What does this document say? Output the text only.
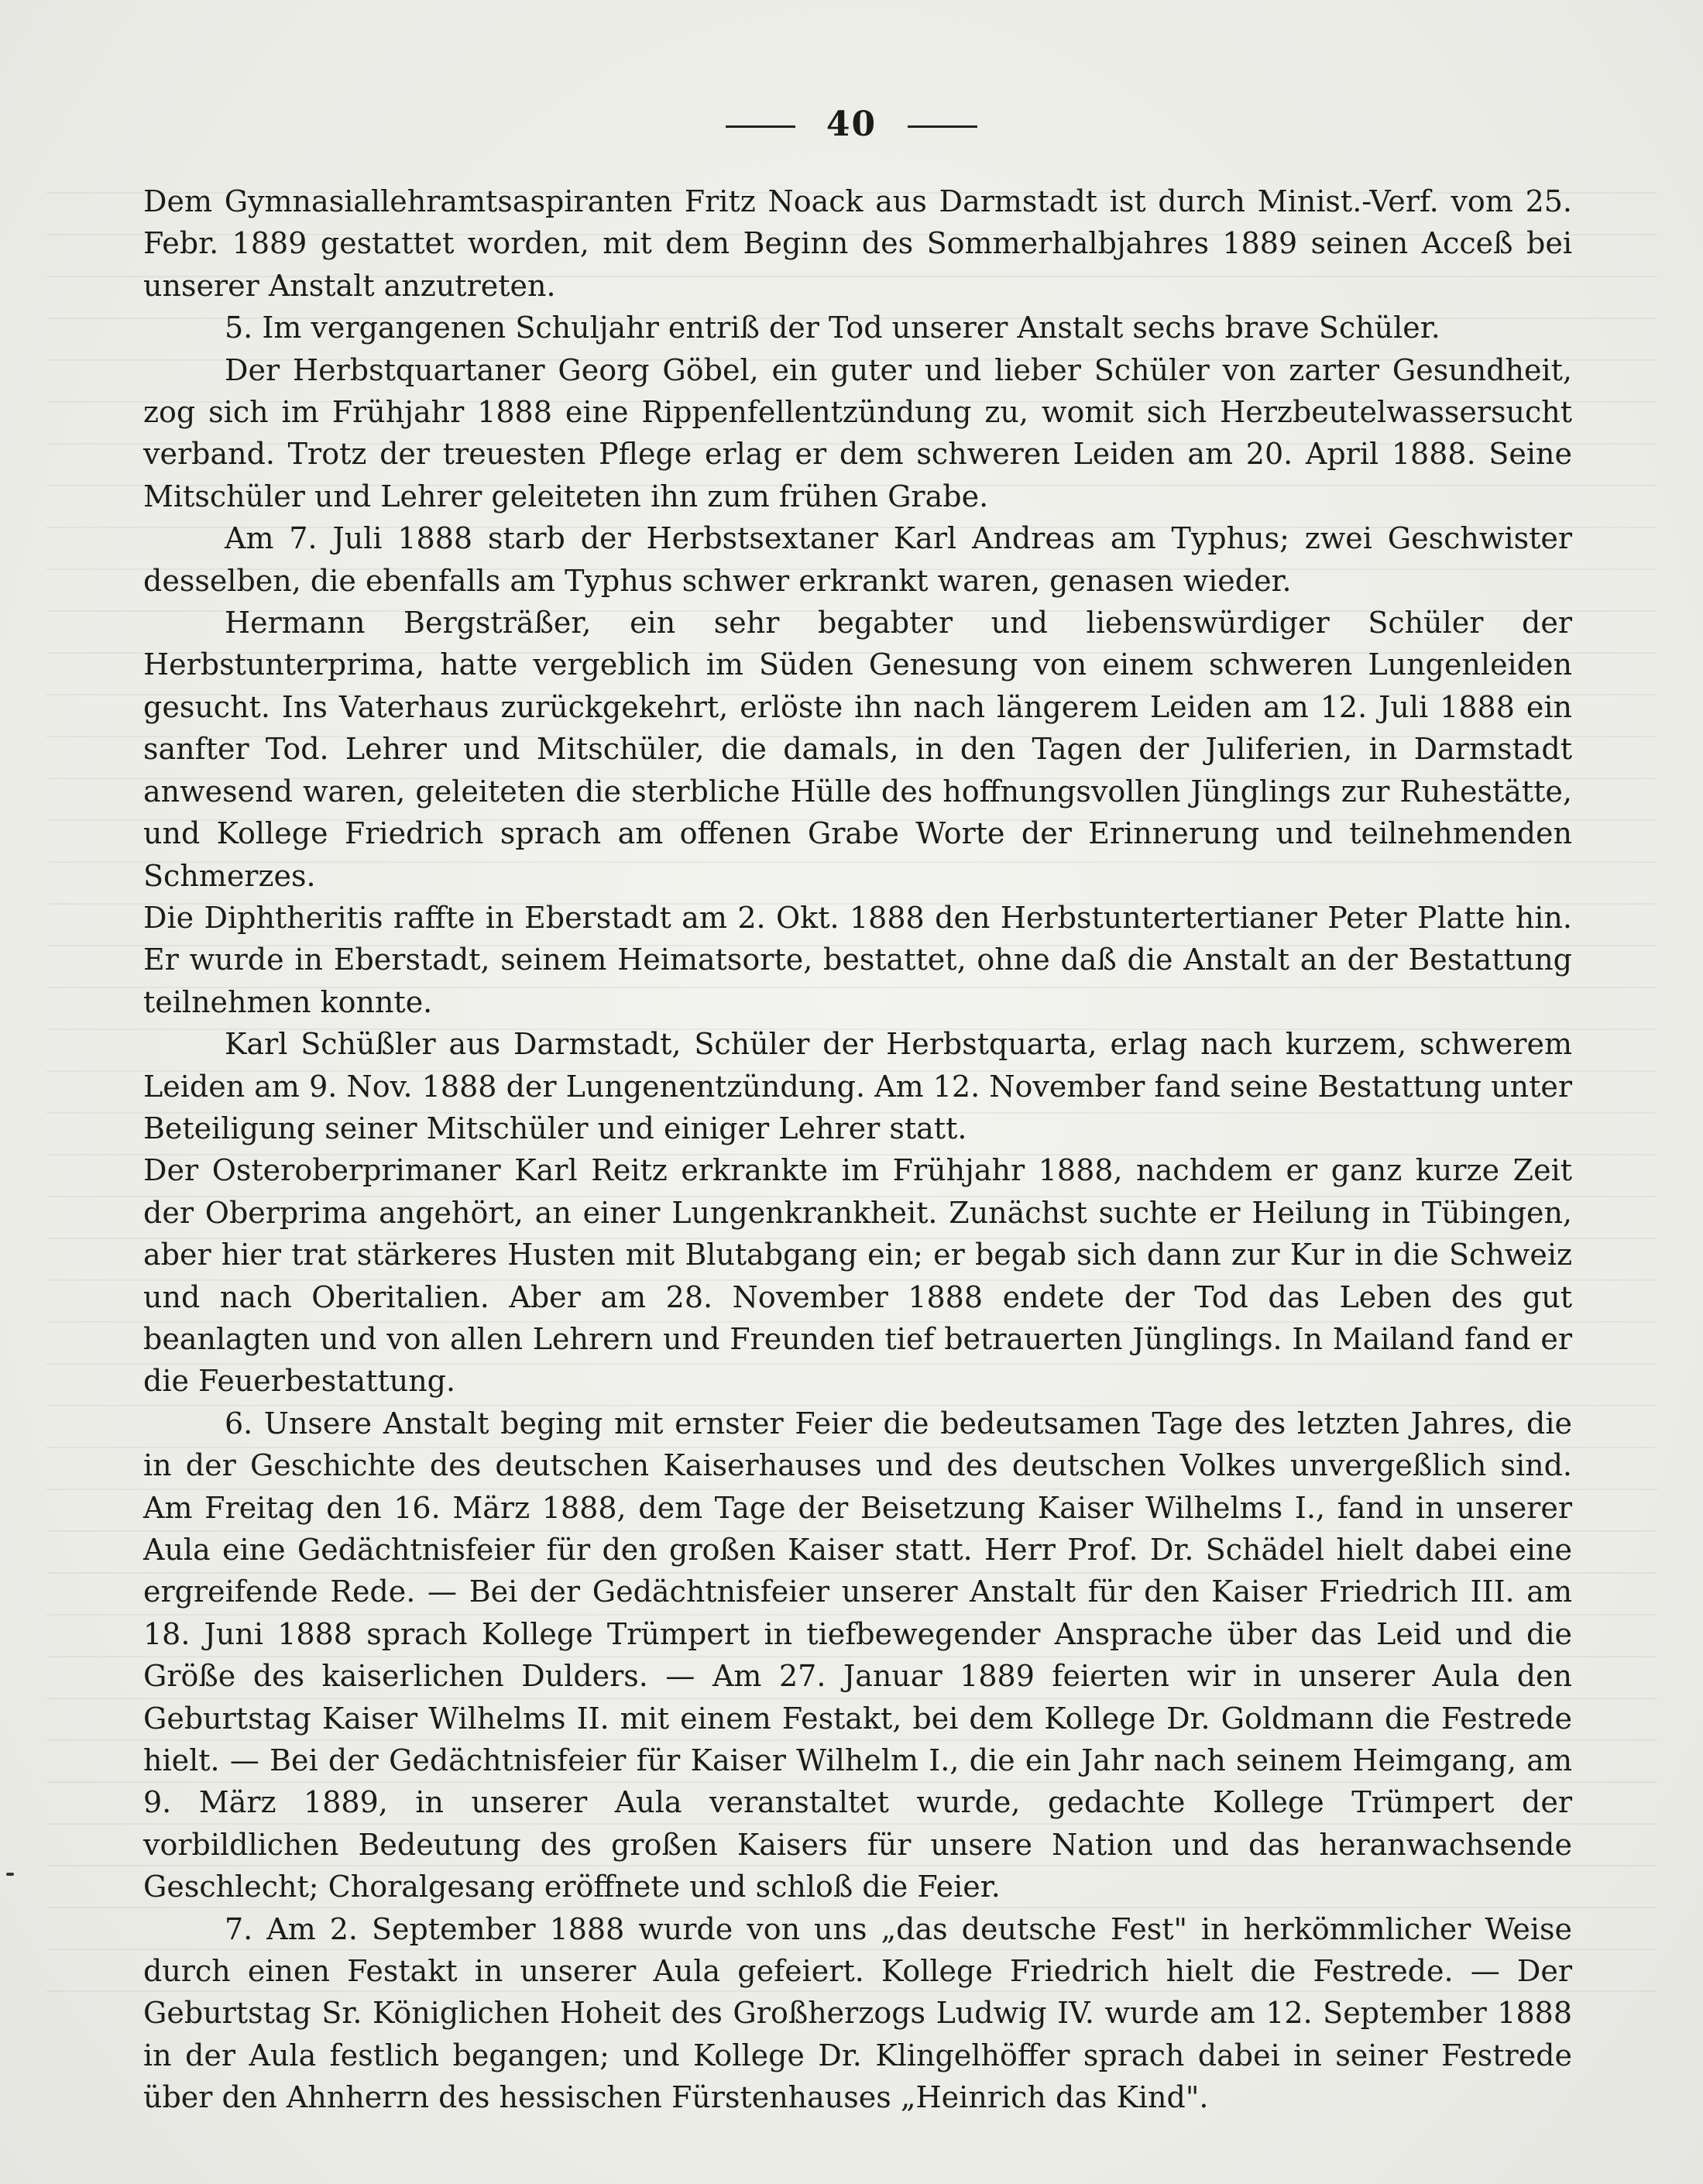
40

Dem Gymnasiallehramtsaspiranten Fritz Noack aus Darmstadt ist durch Minist.-Verf. vom 25. Febr. 1889 gestattet worden, mit dem Beginn des Sommerhalbjahres 1889 seinen Acceß bei unserer Anstalt anzutreten.

5. Im vergangenen Schuljahr entriß der Tod unserer Anstalt sechs brave Schüler.

Der Herbstquartaner Georg Göbel, ein guter und lieber Schüler von zarter Gesundheit, zog sich im Frühjahr 1888 eine Rippenfellentzündung zu, womit sich Herzbeutelwassersucht verband. Trotz der treuesten Pflege erlag er dem schweren Leiden am 20. April 1888. Seine Mitschüler und Lehrer geleiteten ihn zum frühen Grabe.

Am 7. Juli 1888 starb der Herbstsextaner Karl Andreas am Typhus; zwei Geschwister desselben, die ebenfalls am Typhus schwer erkrankt waren, genasen wieder.

Hermann Bergsträßer, ein sehr begabter und liebenswürdiger Schüler der Herbstunterprima, hatte vergeblich im Süden Genesung von einem schweren Lungenleiden gesucht. Ins Vaterhaus zurückgekehrt, erlöste ihn nach längerem Leiden am 12. Juli 1888 ein sanfter Tod. Lehrer und Mitschüler, die damals, in den Tagen der Juliferien, in Darmstadt anwesend waren, geleiteten die sterbliche Hülle des hoffnungsvollen Jünglings zur Ruhestätte, und Kollege Friedrich sprach am offenen Grabe Worte der Erinnerung und teilnehmenden Schmerzes.

Die Diphtheritis raffte in Eberstadt am 2. Okt. 1888 den Herbstuntertertianer Peter Platte hin. Er wurde in Eberstadt, seinem Heimatsorte, bestattet, ohne daß die Anstalt an der Bestattung teilnehmen konnte.

Karl Schüßler aus Darmstadt, Schüler der Herbstquarta, erlag nach kurzem, schwerem Leiden am 9. Nov. 1888 der Lungenentzündung. Am 12. November fand seine Bestattung unter Beteiligung seiner Mitschüler und einiger Lehrer statt.

Der Osteroberprimaner Karl Reitz erkrankte im Frühjahr 1888, nachdem er ganz kurze Zeit der Oberprima angehört, an einer Lungenkrankheit. Zunächst suchte er Heilung in Tübingen, aber hier trat stärkeres Husten mit Blutabgang ein; er begab sich dann zur Kur in die Schweiz und nach Oberitalien. Aber am 28. November 1888 endete der Tod das Leben des gut beanlagten und von allen Lehrern und Freunden tief betrauerten Jünglings. In Mailand fand er die Feuerbestattung.

6. Unsere Anstalt beging mit ernster Feier die bedeutsamen Tage des letzten Jahres, die in der Geschichte des deutschen Kaiserhauses und des deutschen Volkes unvergeßlich sind. Am Freitag den 16. März 1888, dem Tage der Beisetzung Kaiser Wilhelms I., fand in unserer Aula eine Gedächtnisfeier für den großen Kaiser statt. Herr Prof. Dr. Schädel hielt dabei eine ergreifende Rede. — Bei der Gedächtnisfeier unserer Anstalt für den Kaiser Friedrich III. am 18. Juni 1888 sprach Kollege Trümpert in tiefbewegender Ansprache über das Leid und die Größe des kaiserlichen Dulders. — Am 27. Januar 1889 feierten wir in unserer Aula den Geburtstag Kaiser Wilhelms II. mit einem Festakt, bei dem Kollege Dr. Goldmann die Festrede hielt. — Bei der Gedächtnisfeier für Kaiser Wilhelm I., die ein Jahr nach seinem Heimgang, am 9. März 1889, in unserer Aula veranstaltet wurde, gedachte Kollege Trümpert der vorbildlichen Bedeutung des großen Kaisers für unsere Nation und das heranwachsende Geschlecht; Choralgesang eröffnete und schloß die Feier.

7. Am 2. September 1888 wurde von uns „das deutsche Fest" in herkömmlicher Weise durch einen Festakt in unserer Aula gefeiert. Kollege Friedrich hielt die Festrede. — Der Geburtstag Sr. Königlichen Hoheit des Großherzogs Ludwig IV. wurde am 12. September 1888 in der Aula festlich begangen; und Kollege Dr. Klingelhöffer sprach dabei in seiner Festrede über den Ahnherrn des hessischen Fürstenhauses „Heinrich das Kind".
